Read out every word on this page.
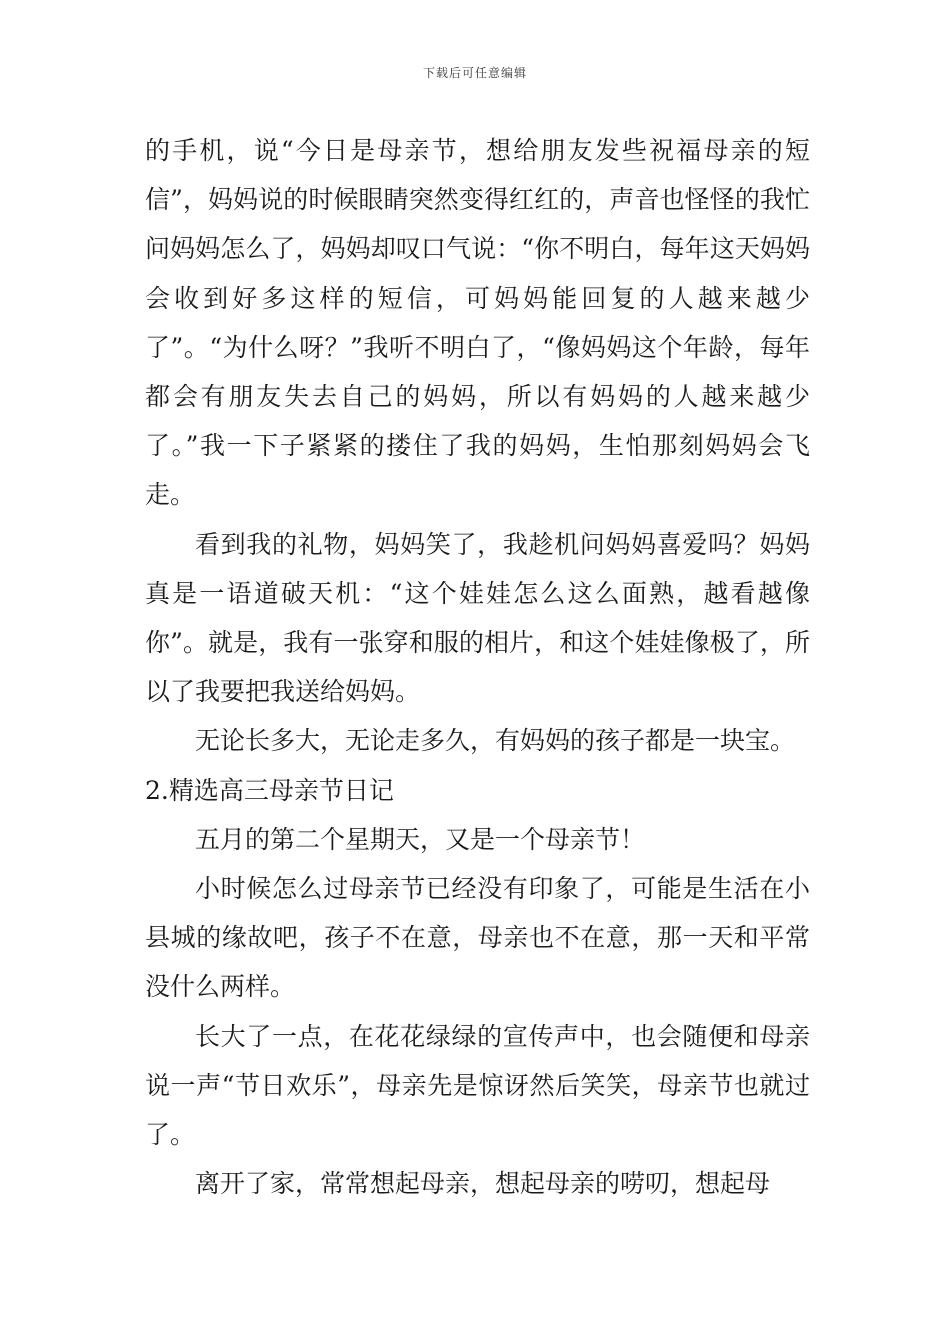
下载后可任意编辑

的手机，说“今日是母亲节，想给朋友发些祝福母亲的短信”，妈妈说的时候眼睛突然变得红红的，声音也怪怪的我忙问妈妈怎么了，妈妈却叹口气说：“你不明白，每年这天妈妈会收到好多这样的短信，可妈妈能回复的人越来越少了”。“为什么呀？”我听不明白了，“像妈妈这个年龄，每年都会有朋友失去自己的妈妈，所以有妈妈的人越来越少了。”我一下子紧紧的搂住了我的妈妈，生怕那刻妈妈会飞走。

看到我的礼物，妈妈笑了，我趁机问妈妈喜爱吗？妈妈真是一语道破天机：“这个娃娃怎么这么面熟，越看越像你”。就是，我有一张穿和服的相片，和这个娃娃像极了，所以了我要把我送给妈妈。

无论长多大，无论走多久，有妈妈的孩子都是一块宝。

2.精选高三母亲节日记

五月的第二个星期天，又是一个母亲节！

小时候怎么过母亲节已经没有印象了，可能是生活在小县城的缘故吧，孩子不在意，母亲也不在意，那一天和平常没什么两样。

长大了一点，在花花绿绿的宣传声中，也会随便和母亲说一声“节日欢乐”，母亲先是惊讶然后笑笑，母亲节也就过了。

离开了家，常常想起母亲，想起母亲的唠叨，想起母
